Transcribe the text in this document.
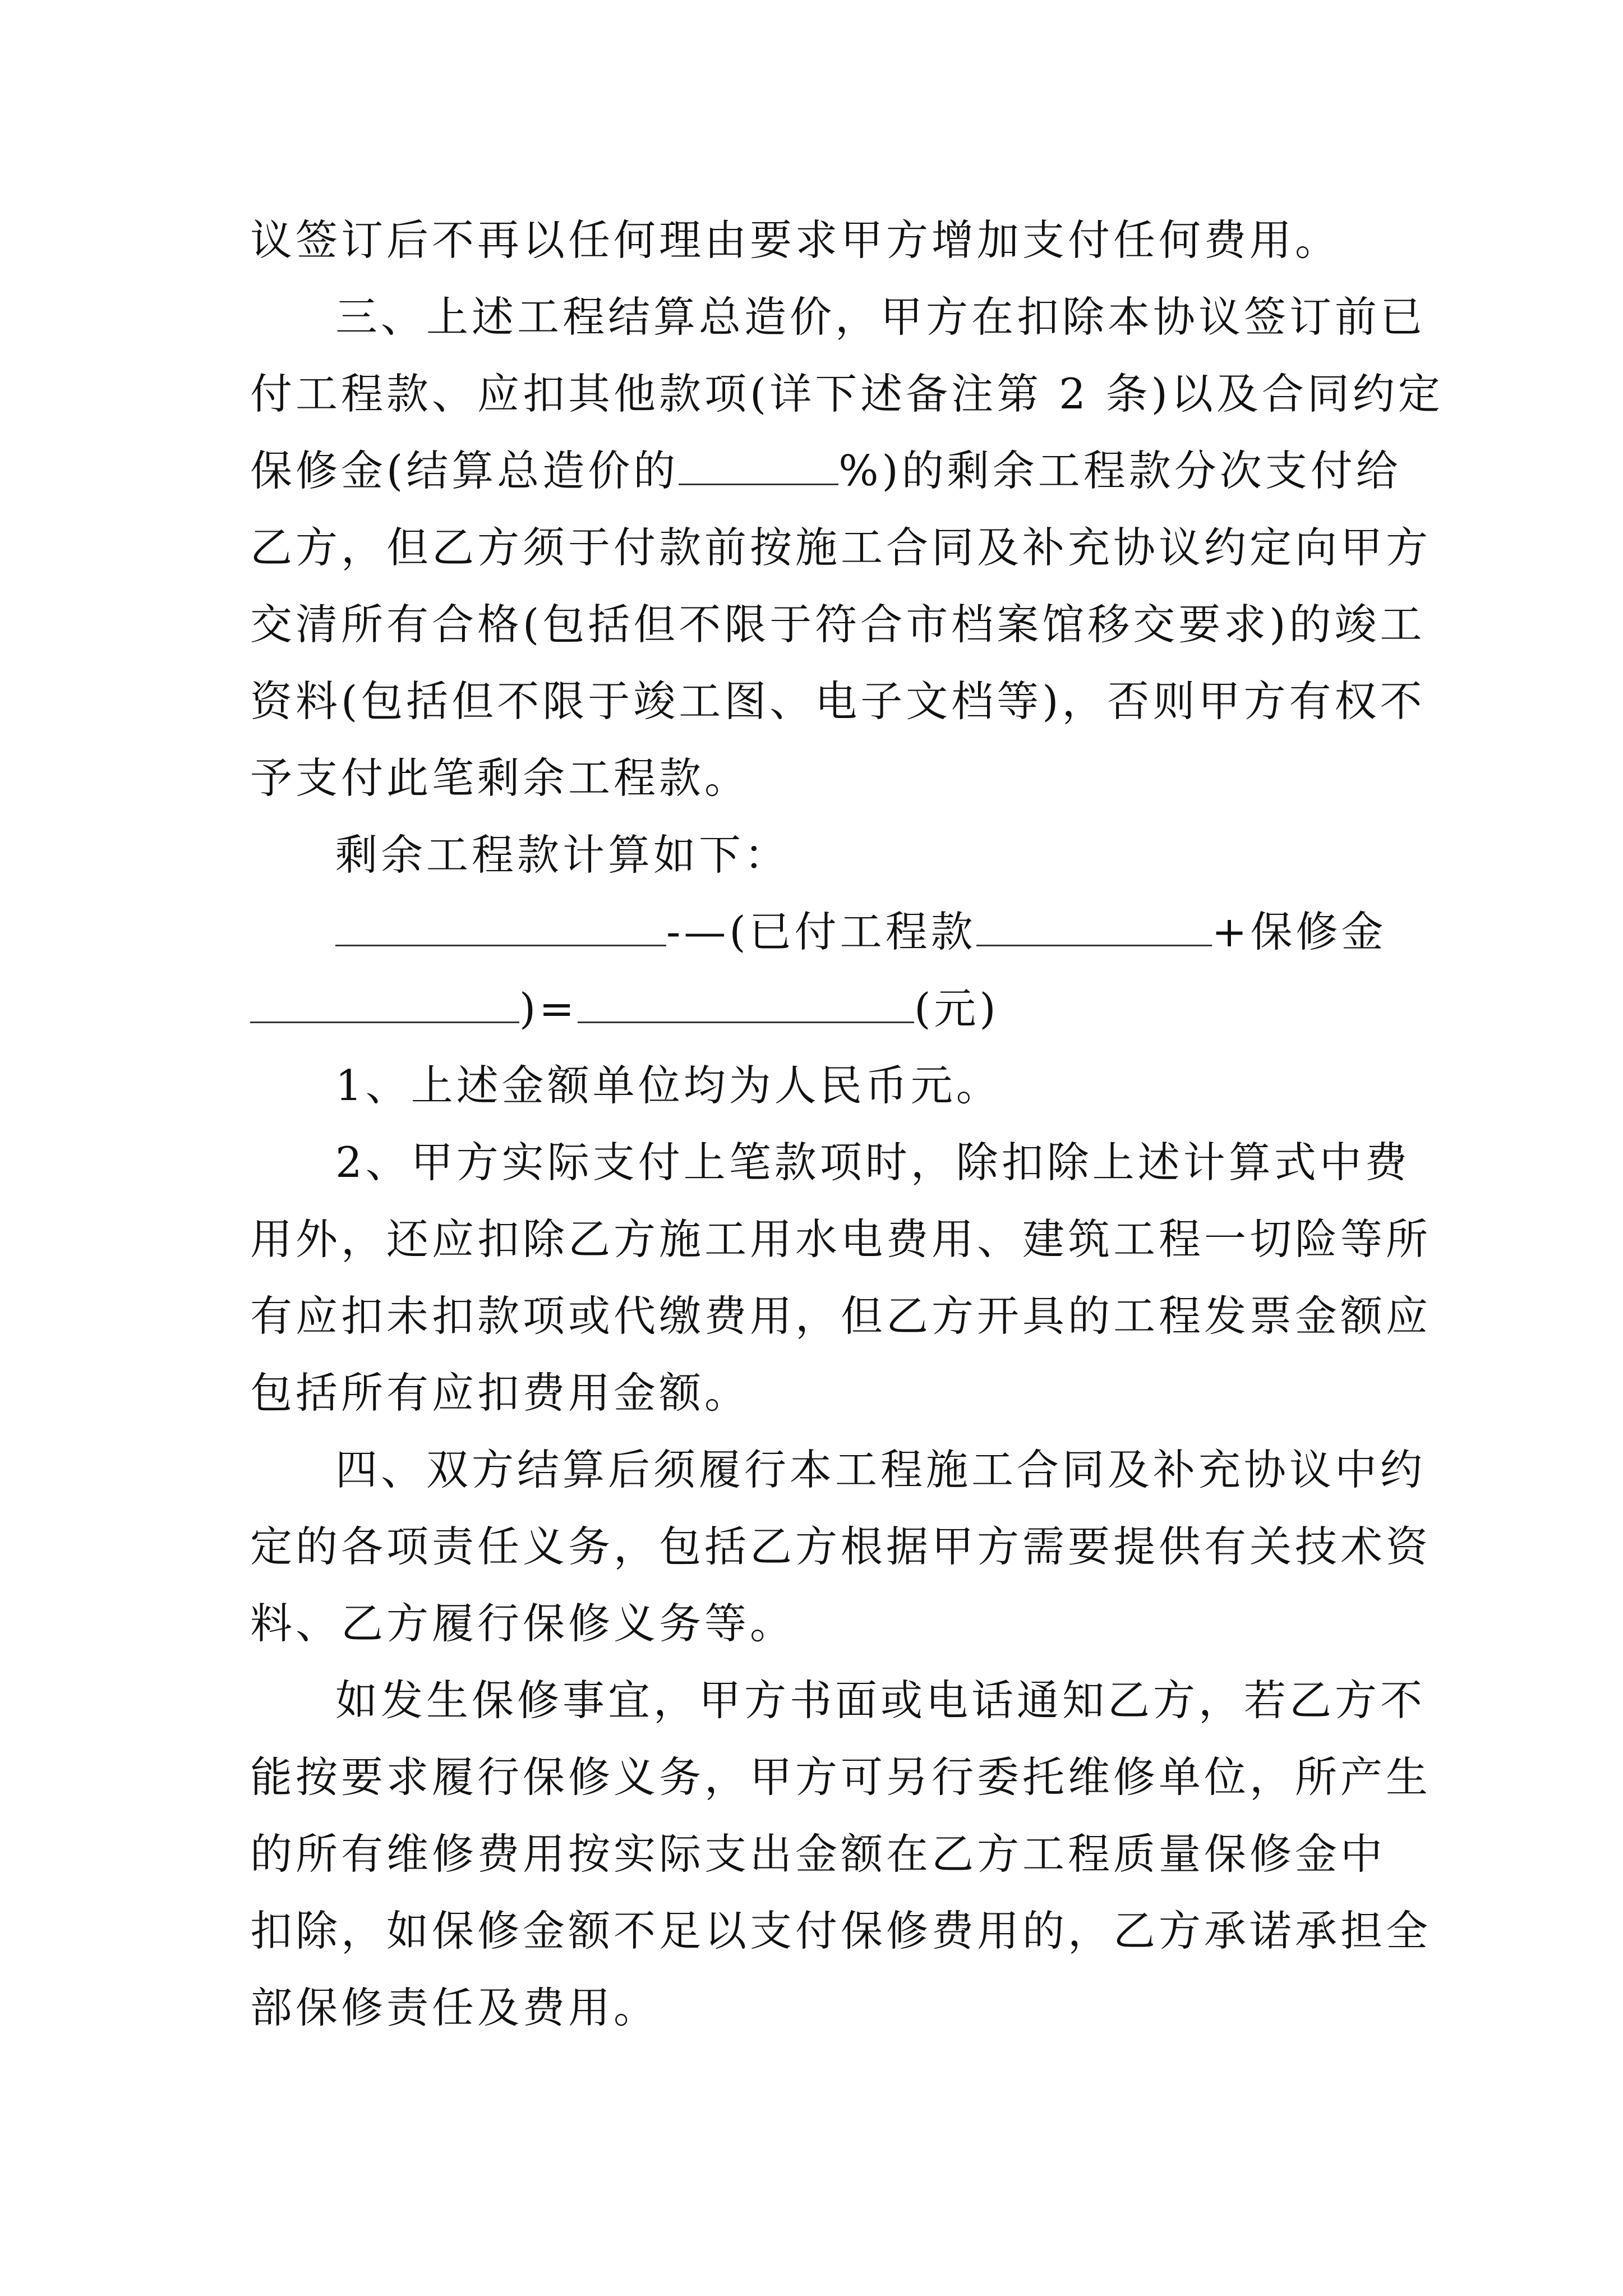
议签订后不再以任何理由要求甲方增加支付任何费用。
三、上述工程结算总造价，甲方在扣除本协议签订前已
付工程款、应扣其他款项(详下述备注第 2 条)以及合同约定
保修金(结算总造价的	%)的剩余工程款分次支付给
乙方，但乙方须于付款前按施工合同及补充协议约定向甲方
交清所有合格(包括但不限于符合市档案馆移交要求)的竣工
资料(包括但不限于竣工图、电子文档等)，否则甲方有权不
予支付此笔剩余工程款。
剩余工程款计算如下：
-—(已付工程款	+保修金
)=	(元)
1、上述金额单位均为人民币元。
2、甲方实际支付上笔款项时，除扣除上述计算式中费
用外，还应扣除乙方施工用水电费用、建筑工程一切险等所
有应扣未扣款项或代缴费用，但乙方开具的工程发票金额应
包括所有应扣费用金额。
四、双方结算后须履行本工程施工合同及补充协议中约
定的各项责任义务，包括乙方根据甲方需要提供有关技术资
料、乙方履行保修义务等。
如发生保修事宜，甲方书面或电话通知乙方，若乙方不
能按要求履行保修义务，甲方可另行委托维修单位，所产生
的所有维修费用按实际支出金额在乙方工程质量保修金中
扣除，如保修金额不足以支付保修费用的，乙方承诺承担全
部保修责任及费用。
